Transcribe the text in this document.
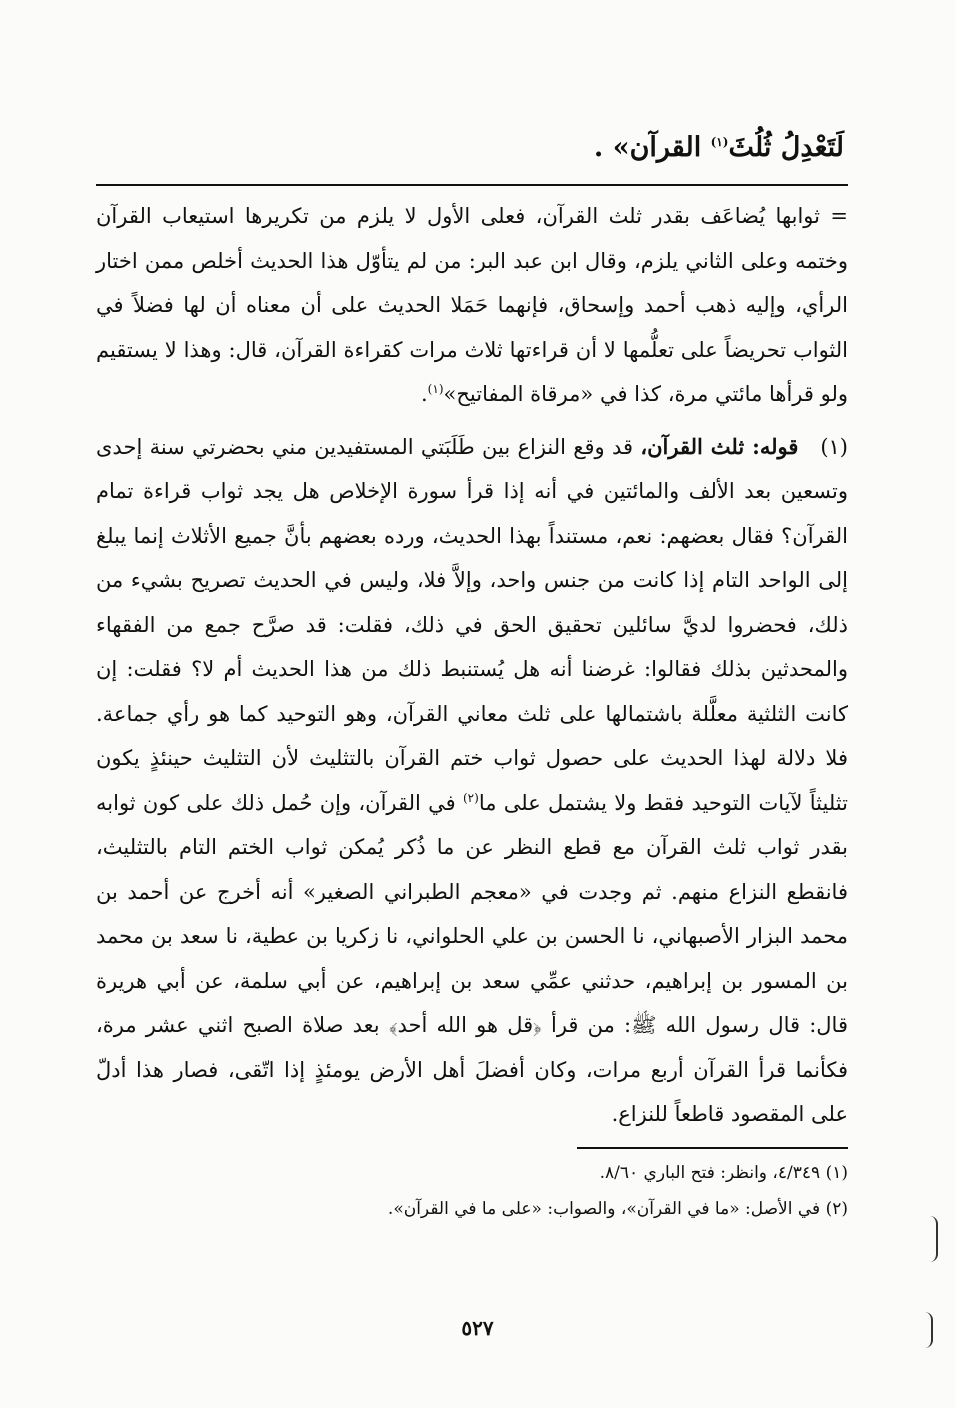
لَتَعْدِلُ ثُلُثَ$^{(١)}$ القرآن» .

= ثوابها يُضاعَف بقدر ثلث القرآن، فعلى الأول لا يلزم من تكريرها استيعاب القرآن وختمه وعلى الثاني يلزم، وقال ابن عبد البر: من لم يتأوّل هذا الحديث أخلص ممن اختار الرأي، وإليه ذهب أحمد وإسحاق، فإنهما حَمَلا الحديث على أن معناه أن لها فضلاً في الثواب تحريضاً على تعلُّمها لا أن قراءتها ثلاث مرات كقراءة القرآن، قال: وهذا لا يستقيم ولو قرأها مائتي مرة، كذا في «مرقاة المفاتيح»$^{(١)}$.

(١)   قوله: ثلث القرآن، قد وقع النزاع بين طَلَبَتي المستفيدين مني بحضرتي سنة إحدى وتسعين بعد الألف والمائتين في أنه إذا قرأ سورة الإخلاص هل يجد ثواب قراءة تمام القرآن؟ فقال بعضهم: نعم، مستنداً بهذا الحديث، ورده بعضهم بأنَّ جميع الأثلاث إنما يبلغ إلى الواحد التام إذا كانت من جنس واحد، وإلاَّ فلا، وليس في الحديث تصريح بشيء من ذلك، فحضروا لديَّ سائلين تحقيق الحق في ذلك، فقلت: قد صرَّح جمع من الفقهاء والمحدثين بذلك فقالوا: غرضنا أنه هل يُستنبط ذلك من هذا الحديث أم لا؟ فقلت: إن كانت الثلثية معلَّلة باشتمالها على ثلث معاني القرآن، وهو التوحيد كما هو رأي جماعة. فلا دلالة لهذا الحديث على حصول ثواب ختم القرآن بالتثليث لأن التثليث حينئذٍ يكون تثليثاً لآيات التوحيد فقط ولا يشتمل على ما$^{(٢)}$ في القرآن، وإن حُمل ذلك على كون ثوابه بقدر ثواب ثلث القرآن مع قطع النظر عن ما ذُكر يُمكن ثواب الختم التام بالتثليث، فانقطع النزاع منهم. ثم وجدت في «معجم الطبراني الصغير» أنه أخرج عن أحمد بن محمد البزار الأصبهاني، نا الحسن بن علي الحلواني، نا زكريا بن عطية، نا سعد بن محمد بن المسور بن إبراهيم، حدثني عمِّي سعد بن إبراهيم، عن أبي سلمة، عن أبي هريرة قال: قال رسول الله ﷺ: من قرأ ﴿قل هو الله أحد﴾ بعد صلاة الصبح اثني عشر مرة، فكأنما قرأ القرآن أربع مرات، وكان أفضلَ أهل الأرض يومئذٍ إذا اتّقى، فصار هذا أدلّ على المقصود قاطعاً للنزاع.

(١) ٤/٣٤٩، وانظر: فتح الباري ٨/٦٠.

(٢) في الأصل: «ما في القرآن»، والصواب: «على ما في القرآن».

٥٢٧
